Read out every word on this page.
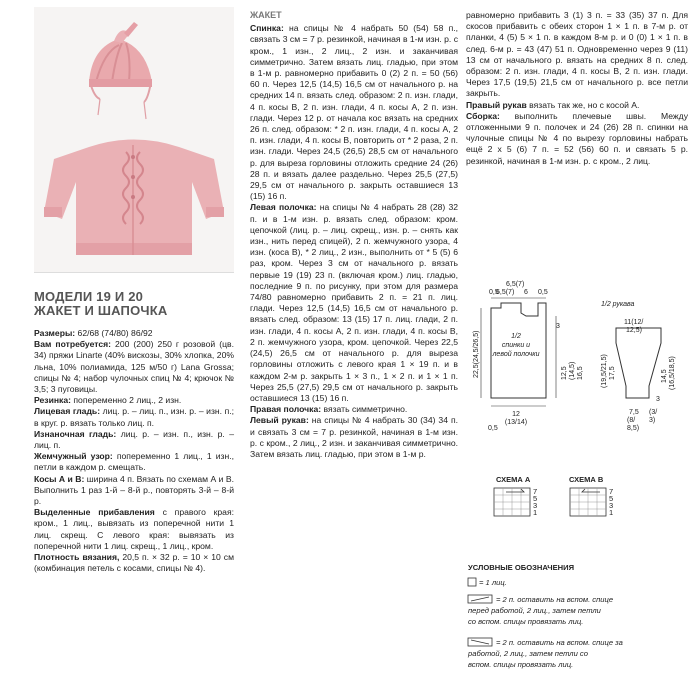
МОДЕЛИ 19 И 20
ЖАКЕТ И ШАПОЧКА

Размеры: 62/68 (74/80) 86/92

Вам потребуется: 200 (200) 250 г розовой (цв. 34) пряжи Linarte (40% вискозы, 30% хлопка, 20% льна, 10% полиамида, 125 м/50 г) Lana Grossa; спицы № 4; набор чулочных спиц № 4; крючок № 3,5; 3 пуговицы.

Резинка: попеременно 2 лиц., 2 изн.

Лицевая гладь: лиц. р. – лиц. п., изн. р. – изн. п.; в круг. р. вязать только лиц. п.

Изнаночная гладь: лиц. р. – изн. п., изн. р. – лиц. п.

Жемчужный узор: попеременно 1 лиц., 1 изн., петли в каждом р. смещать.

Косы А и В: ширина 4 п. Вязать по схемам А и В. Выполнить 1 раз 1-й – 8-й р., повторять 3-й – 8-й р.

Выделенные прибавления с правого края: кром., 1 лиц., вывязать из поперечной нити 1 лиц. скрещ. С левого края: вывязать из поперечной нити 1 лиц. скрещ., 1 лиц., кром.

Плотность вязания, 20,5 п. × 32 р. = 10 × 10 см (комбинация петель с косами, спицы № 4).

ЖАКЕТ

Спинка: на спицы № 4 набрать 50 (54) 58 п., связать 3 см = 7 р. резинкой, начиная в 1-м изн. р. с кром., 1 изн., 2 лиц., 2 изн. и заканчивая симметрично. Затем вязать лиц. гладью, при этом в 1-м р. равномерно прибавить 0 (2) 2 п. = 50 (56) 60 п. Через 12,5 (14,5) 16,5 см от начального р. на средних 14 п. вязать след. образом: 2 п. изн. глади, 4 п. косы В, 2 п. изн. глади, 4 п. косы А, 2 п. изн. глади. Через 12 р. от начала кос вязать на средних 26 п. след. образом: * 2 п. изн. глади, 4 п. косы А, 2 п. изн. глади, 4 п. косы В, повторить от * 2 раза, 2 п. изн. глади. Через 24,5 (26,5) 28,5 см от начального р. для выреза горловины отложить средние 24 (26) 28 п. и вязать далее раздельно. Через 25,5 (27,5) 29,5 см от начального р. закрыть оставшиеся 13 (15) 16 п.

Левая полочка: на спицы № 4 набрать 28 (28) 32 п. и в 1-м изн. р. вязать след. образом: кром. цепочкой (лиц. р. – лиц. скрещ., изн. р. – снять как изн., нить перед спицей), 2 п. жемчужного узора, 4 изн. (коса В), * 2 лиц., 2 изн., выполнить от * 5 (5) 6 раз, кром. Через 3 см от начального р. вязать первые 19 (19) 23 п. (включая кром.) лиц. гладью, последние 9 п. по рисунку, при этом для размера 74/80 равномерно прибавить 2 п. = 21 п. лиц. глади. Через 12,5 (14,5) 16,5 см от начального р. вязать след. образом: 13 (15) 17 п. лиц. глади, 2 п. изн. глади, 4 п. косы А, 2 п. изн. глади, 4 п. косы В, 2 п. жемчужного узора, кром. цепочкой. Через 22,5 (24,5) 26,5 см от начального р. для выреза горловины отложить с левого края 1 × 19 п. и в каждом 2-м р. закрыть 1 × 3 п., 1 × 2 п. и 1 × 1 п. Через 25,5 (27,5) 29,5 см от начального р. закрыть оставшиеся 13 (15) 16 п.

Правая полочка: вязать симметрично.

Левый рукав: на спицы № 4 набрать 30 (34) 34 п. и связать 3 см = 7 р. резинкой, начиная в 1-м изн. р. с кром., 2 лиц., 2 изн. и заканчивая симметрично. Затем вязать лиц. гладью, при этом в 1-м р.

равномерно прибавить 3 (1) 3 п. = 33 (35) 37 п. Для скосов прибавить с обеих сторон 1 × 1 п. в 7-м р. от планки, 4 (5) 5 × 1 п. в каждом 8-м р. и 0 (0) 1 × 1 п. в след. 6-м р. = 43 (47) 51 п. Одновременно через 9 (11) 13 см от начального р. вязать на средних 8 п. след. образом: 2 п. изн. глади, 4 п. косы В, 2 п. изн. глади. Через 17,5 (19,5) 21,5 см от начального р. все петли закрыть.

Правый рукав вязать так же, но с косой А.

Сборка: выполнить плечевые швы. Между отложенными 9 п. полочек и 24 (26) 28 п. спинки на чулочные спицы № 4 по вырезу горловины набрать ещё 2 х 5 (6) 7 п. = 52 (56) 60 п. и связать 5 р. резинкой, начиная в 1-м изн. р. с кром., 2 лиц.

0,5
6,5(7)
6,5(7) 6 0,5
1/2 спинки и левой полочки
12
(13/14)
0,5
22,5(24,5/26,5)	12,5 (14,5) 16,5
3
1/2 рукава
11(12/
12,5)
(19,5/21,5) 17,5	14,5 (16,5/18,5)
3
7,5
(8/
8,5)
(3/
3)
СХЕМА А
7
5
3
1
СХЕМА В
7
5
3
1
УСЛОВНЫЕ ОБОЗНАЧЕНИЯ
= 1 лиц.
= 2 п. оставить на вспом. спице перед работой, 2 лиц., затем петли со вспом. спицы провязать лиц.
= 2 п. оставить на вспом. спице за работой, 2 лиц., затем петли со вспом. спицы провязать лиц.
